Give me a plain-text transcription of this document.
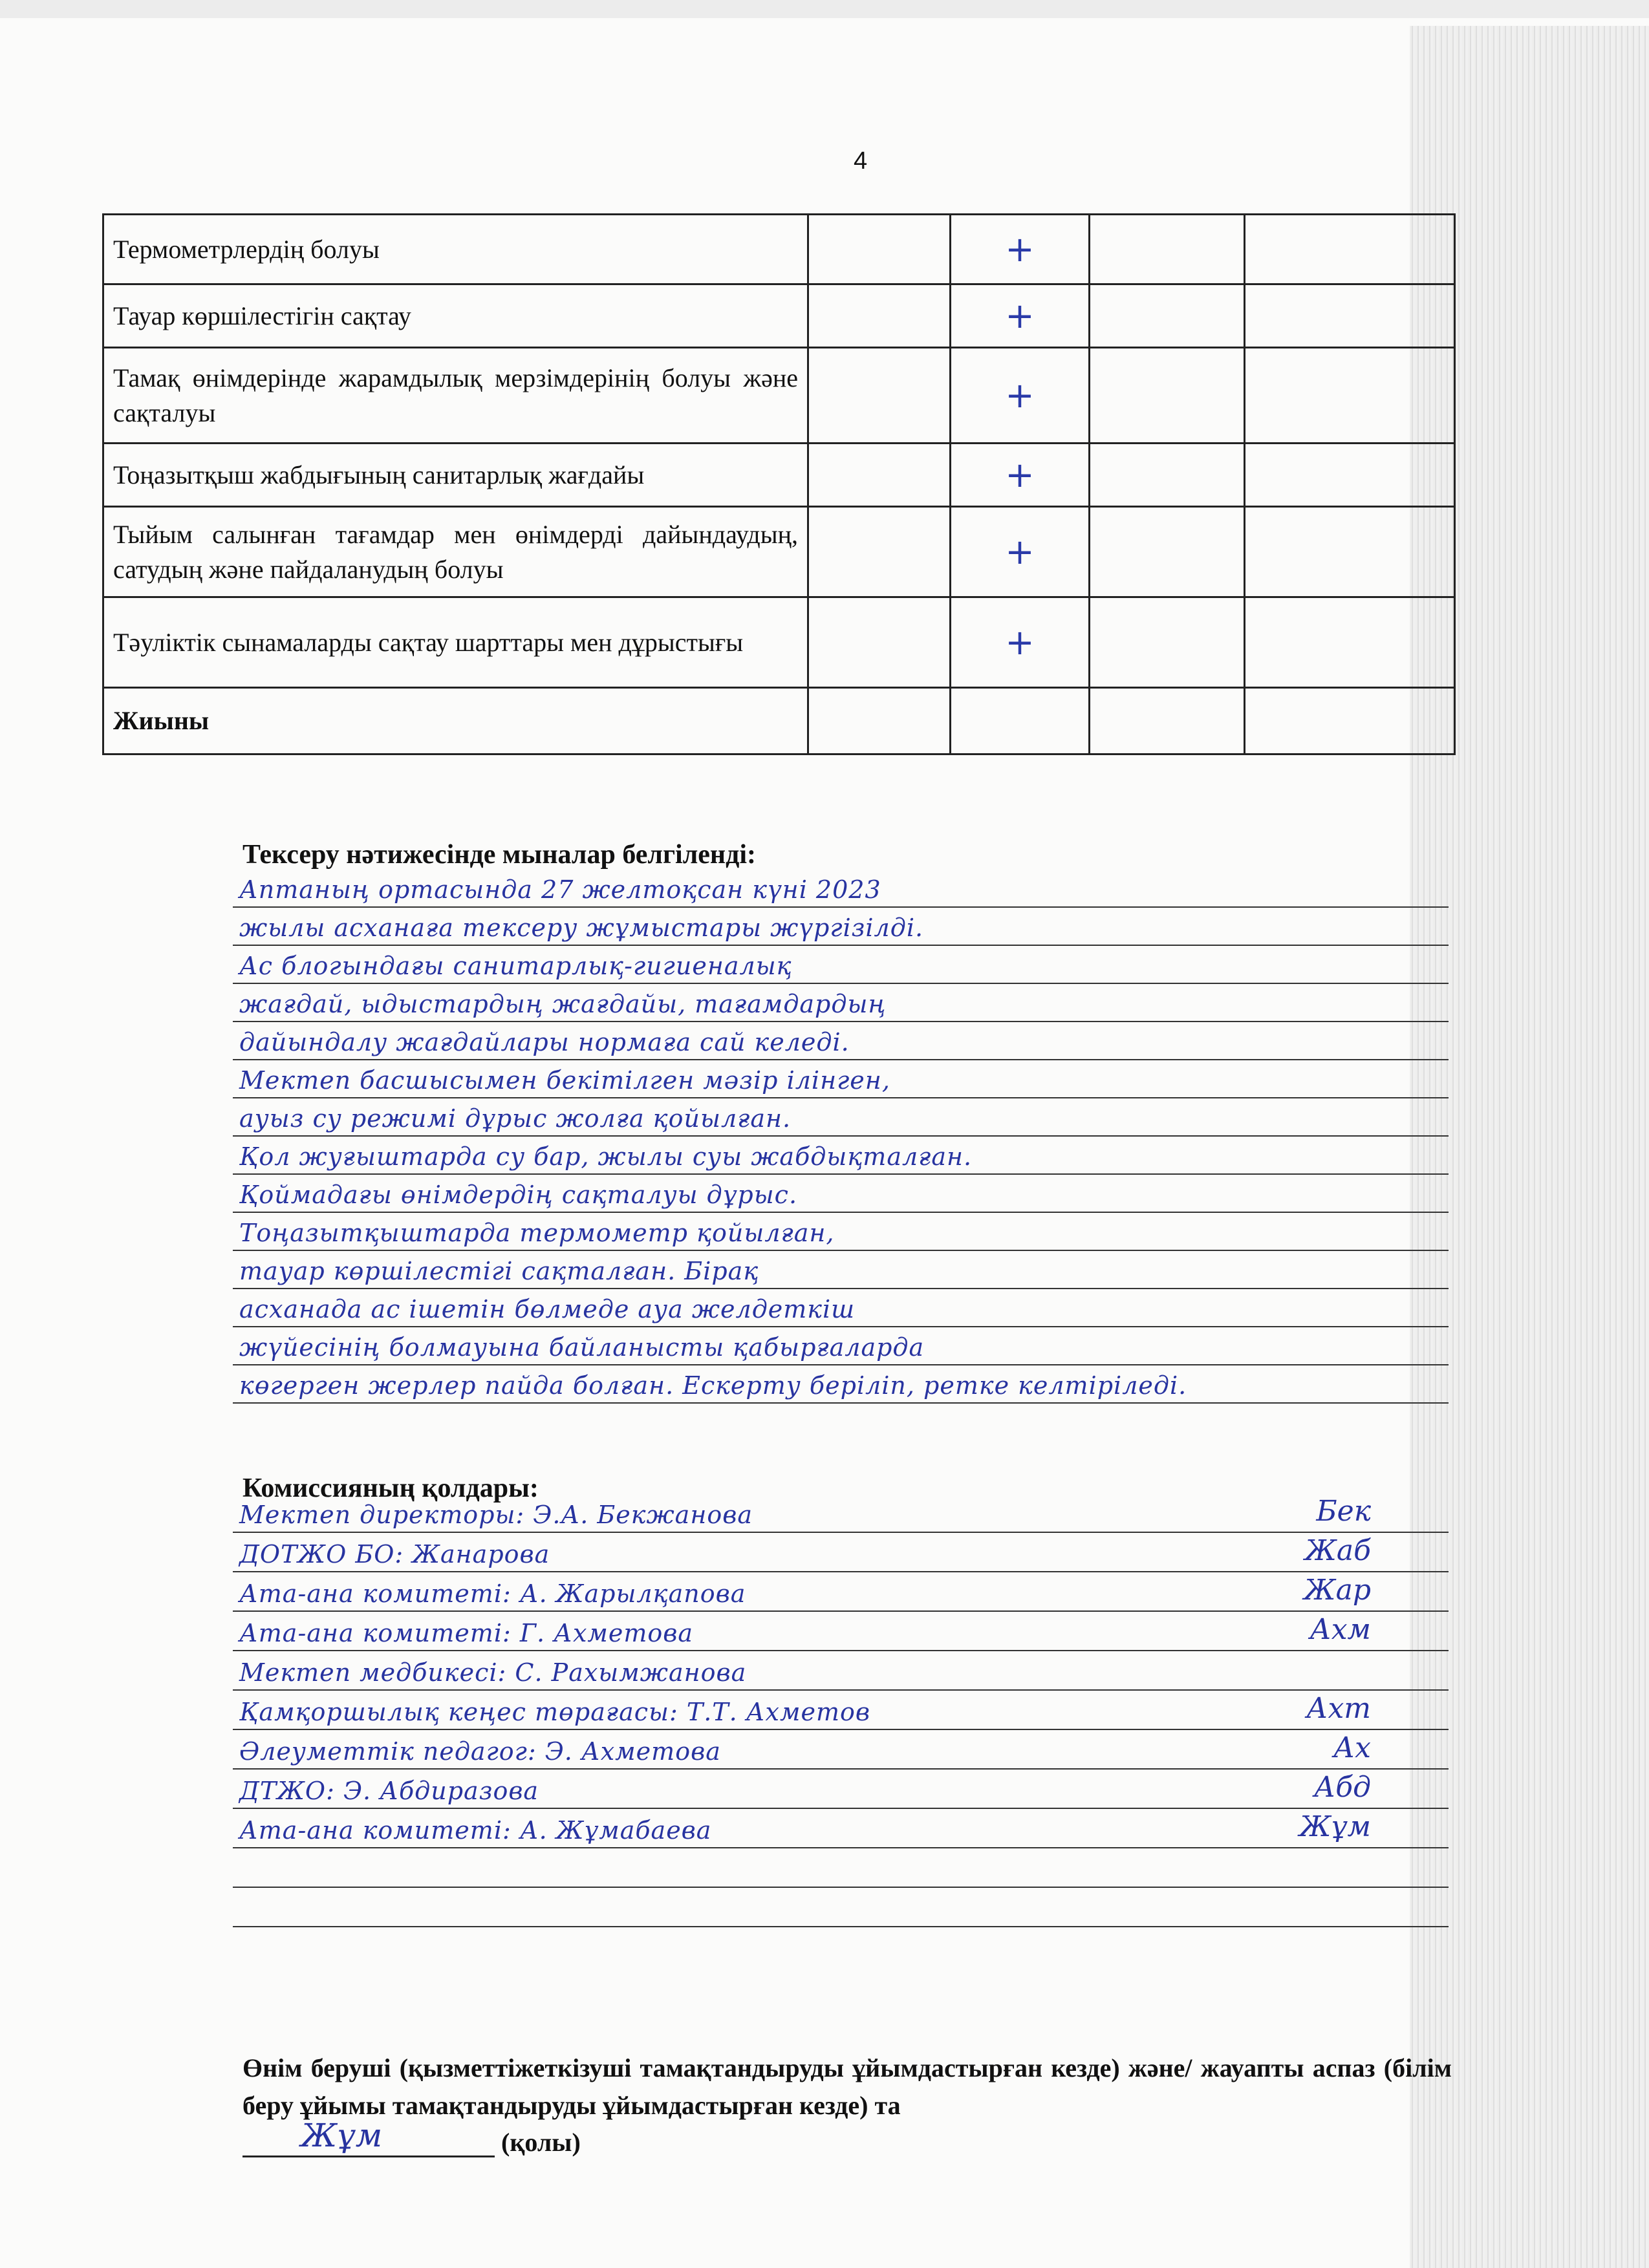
4
Термометрлердің болуы		+		
Тауар көршілестігін сақтау		+		
Тамақ өнімдерінде жарамдылық мерзімдерінің болуы және сақталуы		+		
Тоңазытқыш жабдығының санитарлық жағдайы		+		
Тыйым салынған тағамдар мен өнімдерді дайындаудың, сатудың және пайдаланудың болуы		+		
Тәуліктік сынамаларды сақтау шарттары мен дұрыстығы		+		
Жиыны				
Тексеру нәтижесінде мыналар белгіленді:
Аптаның ортасында 27 желтоқсан күні 2023
жылы асханаға тексеру жұмыстары жүргізілді.
Ас блогындағы санитарлық-гигиеналық
жағдай, ыдыстардың жағдайы, тағамдардың
дайындалу жағдайлары нормаға сай келеді.
Мектеп басшысымен бекітілген мәзір ілінген,
ауыз су режимі дұрыс жолға қойылған.
Қол жуғыштарда су бар, жылы суы жабдықталған.
Қоймадағы өнімдердің сақталуы дұрыс.
Тоңазытқыштарда термометр қойылған,
тауар көршілестігі сақталған. Бірақ
асханада ас ішетін бөлмеде ауа желдеткіш
жүйесінің болмауына байланысты қабырғаларда
көгерген жерлер пайда болған. Ескерту беріліп, ретке келтіріледі.
Комиссияның қолдары:
Мектеп директоры: Э.А. Бекжанова	Бек
ДОТЖО БО: Жанарова	Жаб
Ата-ана комитеті: А. Жарылқапова	Жар
Ата-ана комитеті: Г. Ахметова	Ахм
Мектеп медбикесі: С. Рахымжанова
Қамқоршылық кеңес төрағасы: Т.Т. Ахметов	Ахт
Әлеуметтік педагог: Э. Ахметова	Ах
ДТЖО: Э. Абдиразова	Абд
Ата-ана комитеті: А. Жұмабаева	Жұм
Өнім беруші (қызметтіжеткізуші тамақтандыруды ұйымдастырған кезде) және/ жауапты аспаз (білім беру ұйымы тамақтандыруды ұйымдастырған кезде) та
Жұм	(қолы)
